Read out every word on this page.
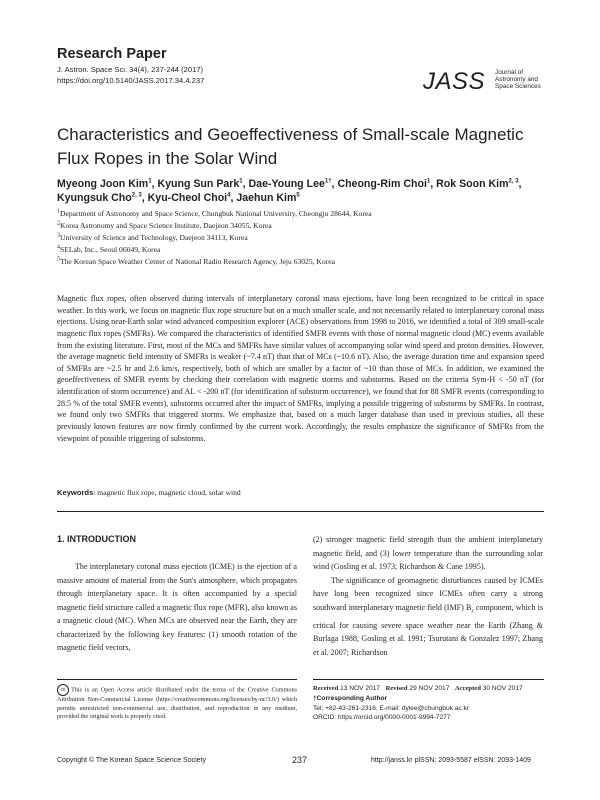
Research Paper
J. Astron. Space Sci. 34(4), 237-244 (2017)
https://doi.org/10.5140/JASS.2017.34.4.237	JASS Journal of
Astronomy and
Space Sciences
Characteristics and Geoeffectiveness of Small-scale Magnetic Flux Ropes in the Solar Wind
Myeong Joon Kim$^1$, Kyung Sun Park$^1$, Dae-Young Lee$^{1\dagger}$, Cheong-Rim Choi$^1$, Rok Soon Kim$^{2, 3}$, Kyungsuk Cho$^{2, 3}$, Kyu-Cheol Choi$^4$, Jaehun Kim$^5$
$^1$Department of Astronomy and Space Science, Chungbuk National University, Cheongju 28644, Korea
$^2$Korea Astronomy and Space Science Institute, Daejeon 34055, Korea
$^3$University of Science and Technology, Daejeon 34113, Korea
$^4$SELab, Inc., Seoul 06049, Korea
$^5$The Korean Space Weather Center of National Radio Research Agency, Jeju 63025, Korea
Magnetic flux ropes, often observed during intervals of interplanetary coronal mass ejections, have long been recognized to be critical in space weather. In this work, we focus on magnetic flux rope structure but on a much smaller scale, and not necessarily related to interplanetary coronal mass ejections. Using near-Earth solar wind advanced composition explorer (ACE) observations from 1998 to 2016, we identified a total of 309 small-scale magnetic flux ropes (SMFRs). We compared the characteristics of identified SMFR events with those of normal magnetic cloud (MC) events available from the existing literature. First, most of the MCs and SMFRs have similar values of accompanying solar wind speed and proton densities. However, the average magnetic field intensity of SMFRs is weaker (~7.4 nT) than that of MCs (~10.6 nT). Also, the average duration time and expansion speed of SMFRs are ~2.5 hr and 2.6 km/s, respectively, both of which are smaller by a factor of ~10 than those of MCs. In addition, we examined the geoeffectiveness of SMFR events by checking their correlation with magnetic storms and substorms. Based on the criteria Sym-H < -50 nT (for identification of storm occurrence) and AL < -200 nT (for identification of substorm occurrence), we found that for 88 SMFR events (corresponding to 28.5 % of the total SMFR events), substorms occurred after the impact of SMFRs, implying a possible triggering of substorms by SMFRs. In contrast, we found only two SMFRs that triggered storms. We emphasize that, based on a much larger database than used in previous studies, all these previously known features are now firmly confirmed by the current work. Accordingly, the results emphasize the significance of SMFRs from the viewpoint of possible triggering of substorms.
Keywords: magnetic flux rope, magnetic cloud, solar wind
1. INTRODUCTION
The interplanetary coronal mass ejection (ICME) is the ejection of a massive amount of material from the Sun's atmosphere, which propagates through interplanetary space. It is often accompanied by a special magnetic field structure called a magnetic flux rope (MFR), also known as a magnetic cloud (MC). When MCs are observed near the Earth, they are characterized by the following key features: (1) smooth rotation of the magnetic field vectors,

(2) stronger magnetic field strength than the ambient interplanetary magnetic field, and (3) lower temperature than the surrounding solar wind (Gosling et al. 1973; Richardson & Cane 1995).

The significance of geomagnetic disturbances caused by ICMEs have long been recognized since ICMEs often carry a strong southward interplanetary magnetic field (IMF) $B_z$ component, which is critical for causing severe space weather near the Earth (Zhang & Burlaga 1988; Gosling et al. 1991; Tsurutani & Gonzalez 1997; Zhang et al. 2007; Richardson

cc This is an Open Access article distributed under the terms of the Creative Commons Attribution Non-Commercial License (https://creativecommons.org/licenses/by-nc/3.0/) which permits unrestricted non-commercial use, distribution, and reproduction in any medium, provided the original work is properly cited.
Received 13 NOV 2017 Revised 29 NOV 2017 Accepted 30 NOV 2017
†Corresponding Author
Tel: +82-43-261-2316, E-mail: dylee@chungbuk.ac.kr
ORCID: https://orcid.org/0000-0001-9994-7277
Copyright © The Korean Space Science Society	237	http://janss.kr plSSN: 2093-5587 elSSN: 2093-1409
